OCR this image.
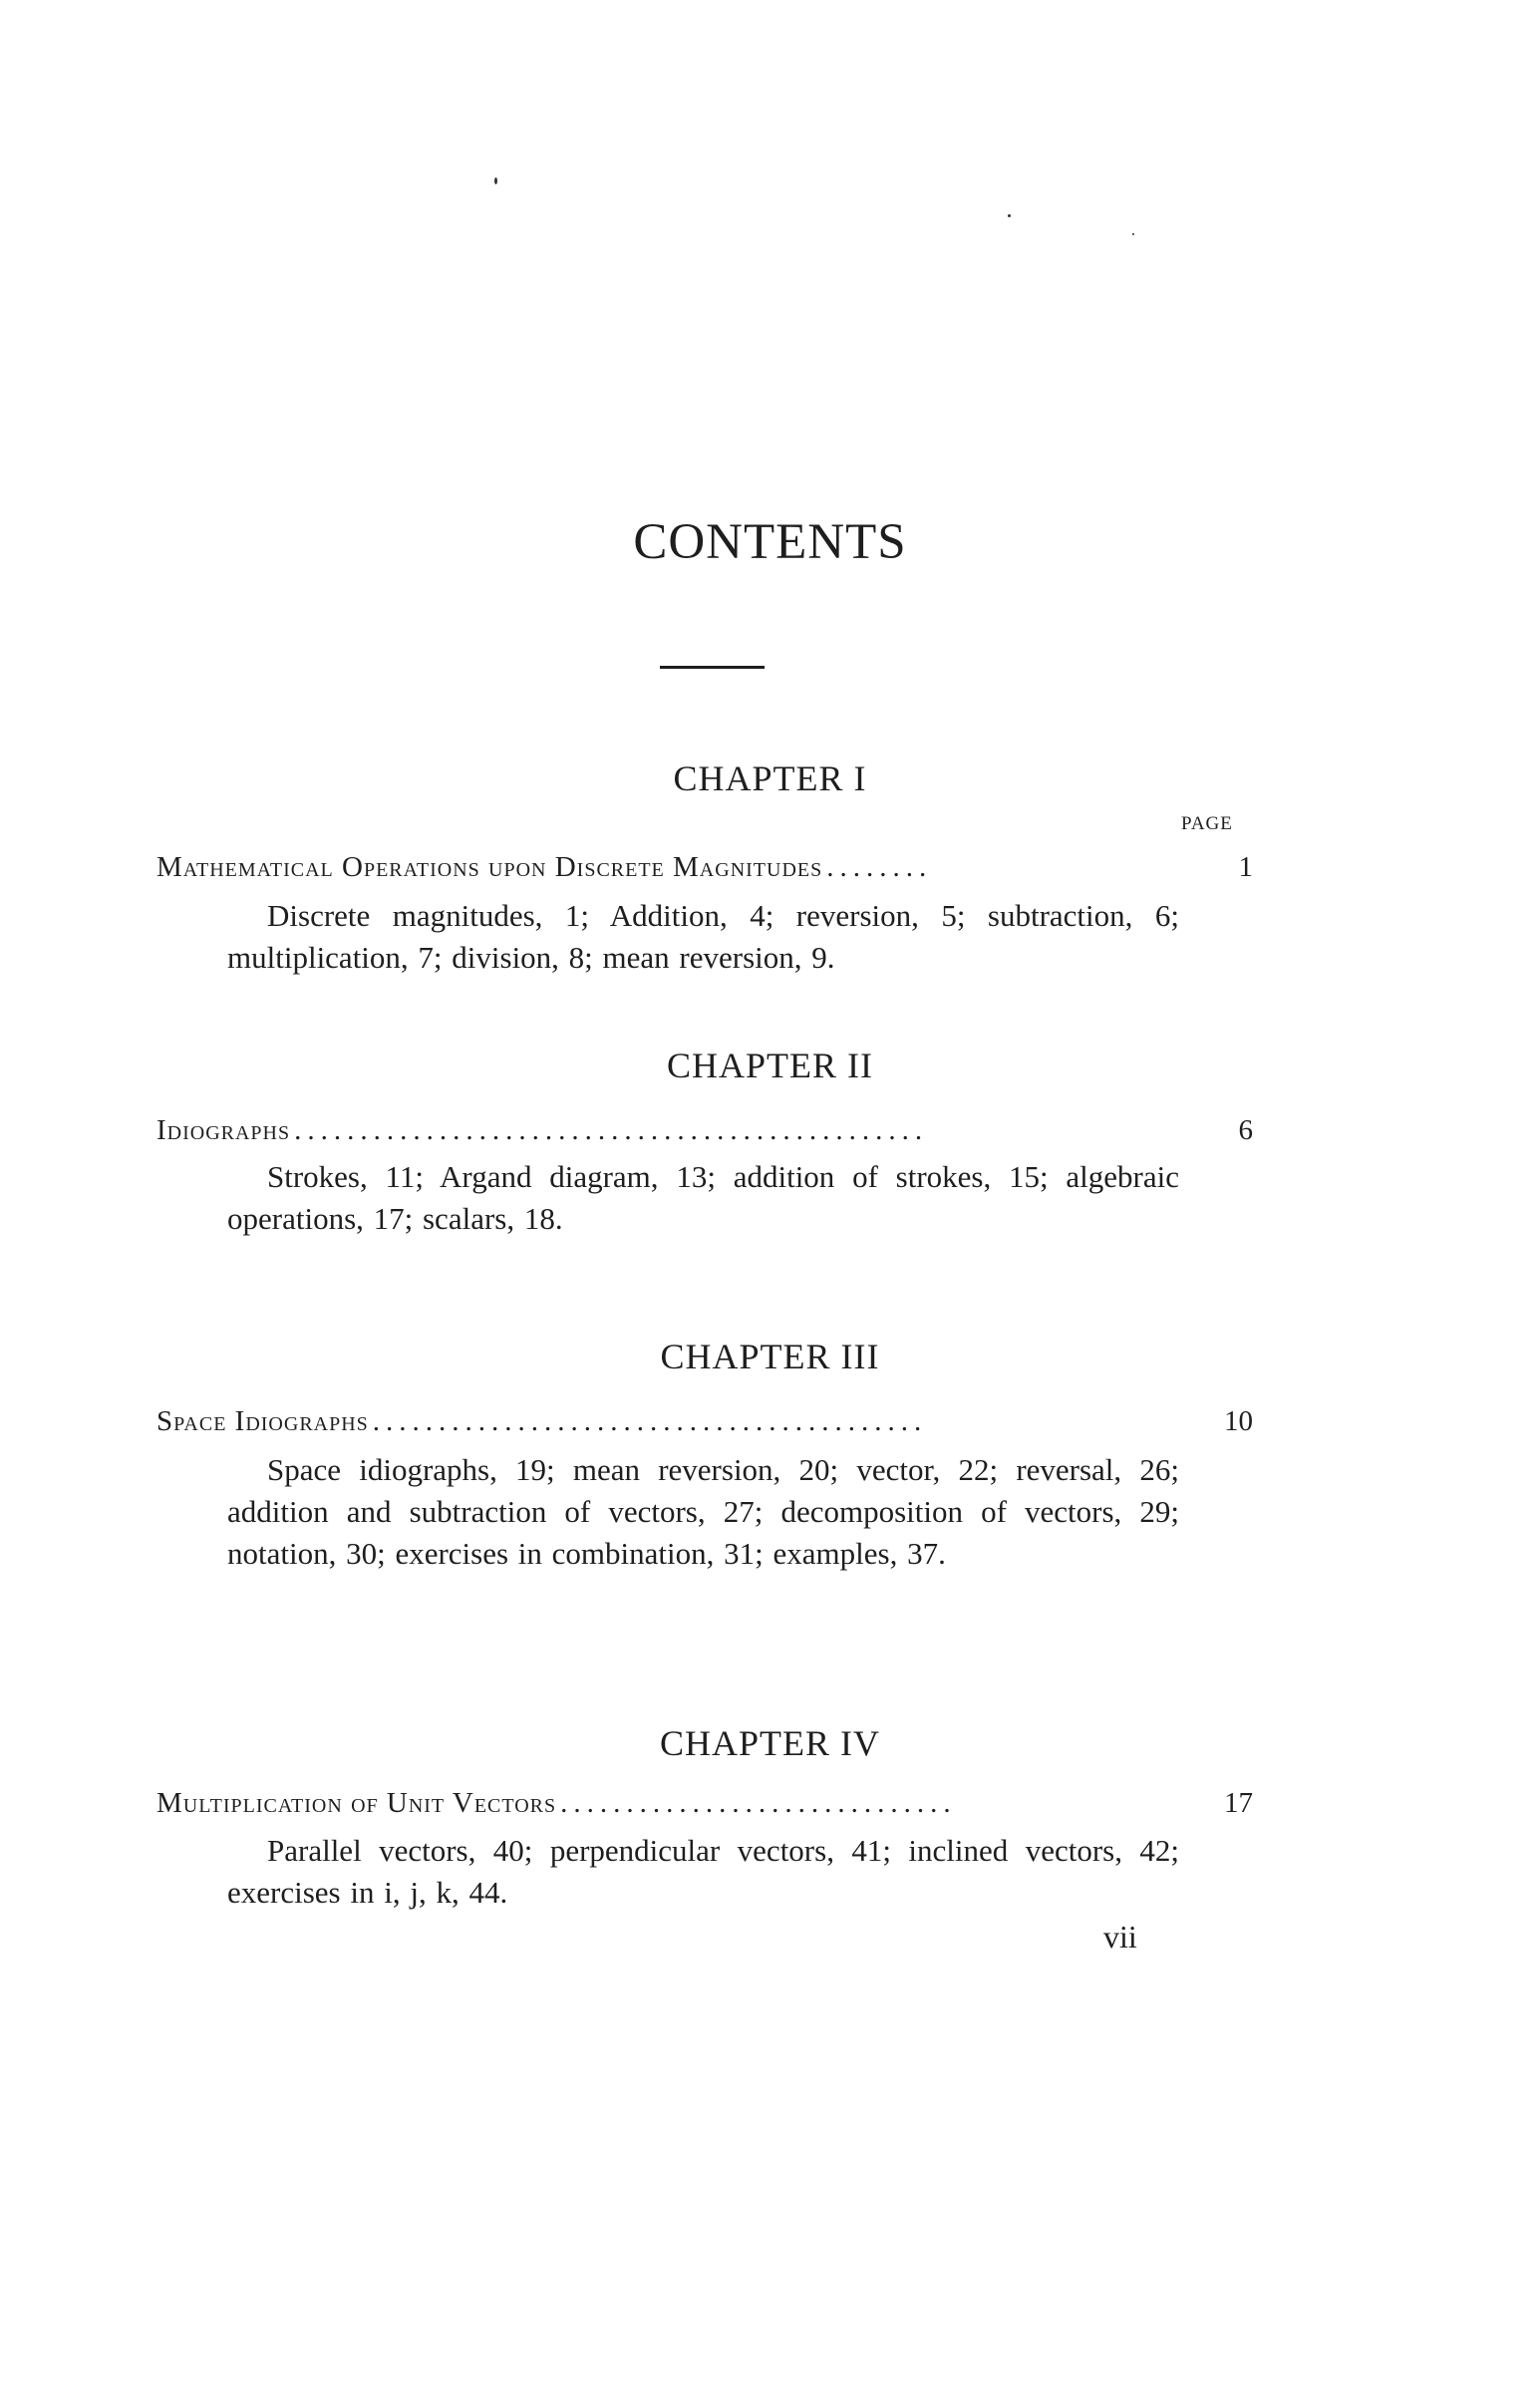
CONTENTS
CHAPTER I
PAGE
Mathematical Operations upon Discrete Magnitudes ........	1
Discrete magnitudes, 1; Addition, 4; reversion, 5; subtraction, 6; multiplication, 7; division, 8; mean reversion, 9.
CHAPTER II
Idiographs ................................................	6
Strokes, 11; Argand diagram, 13; addition of strokes, 15; algebraic operations, 17; scalars, 18.
CHAPTER III
Space Idiographs ..........................................	10
Space idiographs, 19; mean reversion, 20; vector, 22; reversal, 26; addition and subtraction of vectors, 27; decomposition of vectors, 29; notation, 30; exercises in combination, 31; examples, 37.
CHAPTER IV
Multiplication of Unit Vectors ..............................	17
Parallel vectors, 40; perpendicular vectors, 41; inclined vectors, 42; exercises in i, j, k, 44.
vii
